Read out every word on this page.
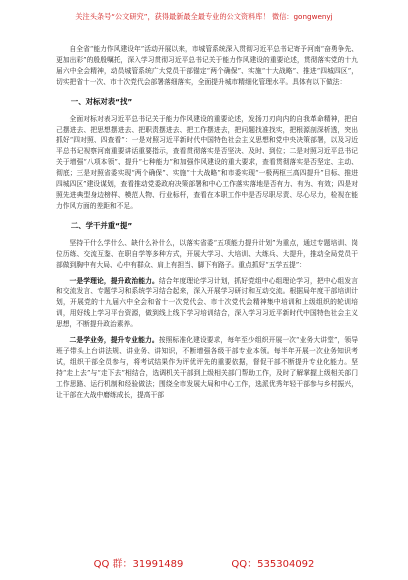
关注头条号“公文研究”，获得最新最全最专业的公文资料库！ 微信：gongwenyj

自全省“能力作风建设年”活动开展以来，市城管系统深入贯彻习近平总书记寄予河南“奋勇争先、更加出彩”的殷殷嘱托，深入学习贯彻习近平总书记关于能力作风建设的重要论述，贯彻落实党的十九届六中全会精神，动员城管系统广大党员干部锚定“两个确保”、实施“十大战略”、推进“四城四区”，切实把省十一次、市十次党代会部署落细落实，全面提升城市精细化管理水平。具体有以下做法：

一、对标对表“找”

全面对标对表习近平总书记关于能力作风建设的重要论述，发扬刀刃向内的自我革命精神，把自己摆进去、把思想摆进去、把职责摆进去、把工作摆进去，把问题找准找实，把根源剖深析透，突出抓好“四对照、四查看”：一是对照习近平新时代中国特色社会主义思想和党中央决策部署，以及习近平总书记视察河南重要讲话重要指示，查看贯彻落实是否坚决、及时、到位；二是对照习近平总书记关于增强“八项本领”、提升“七种能力”和加强作风建设的重大要求，查看贯彻落实是否坚定、主动、彻底；三是对照省委实现“两个确保”、实施“十大战略”和市委实现“一极两枢三高四提升”目标、推进四城四区”建设谋划，查看推动党委政府决策部署和中心工作落实落地是否有力、有为、有效；四是对照先进典型身边榜样、模范人物、行业标杆，查看在本职工作中是否尽职尽责、尽心尽力，检视在能力作风方面的差距和不足。

二、学干并重“提”

坚持干什么学什么、缺什么补什么，以落实省委“五项能力提升计划”为重点，通过专题培训、岗位历练、交流互鉴、在职自学等多种方式，开展大学习、大培训、大练兵、大提升，推动全局党员干部做到胸中有大局、心中有群众、肩上有担当、脚下有路子。重点抓好“五学五提”：

一是学理论，提升政治能力。结合年度理论学习计划，抓好党组中心组理论学习，把中心组发言和交流发言、专题学习和系统学习结合起来，深入开展学习研讨和互动交流。根据局年度干部培训计划，开展党的十九届六中全会和省十一次党代会、市十次党代会精神集中培训和上级组织的轮训培训，用好线上学习平台资源，做到线上线下学习培训结合，深入学习习近平新时代中国特色社会主义思想，不断提升政治素养。

二是学业务，提升专业能力。按照标准化建设要求，每年至少组织开展一次“业务大讲堂”，领导班子带头上台讲法规、讲业务、讲知识，不断增强各级干部专业本领。每半年开展一次业务知识考试，组织干部全员参与，将考试结果作为评优评先的重要依据，督促干部不断提升专业化能力。坚持“走上去”与“走下去”相结合，选调机关干部到上级相关部门帮助工作，及时了解掌握上级相关部门工作思路、运行机制和经验做法；围绕全市发展大局和中心工作，选派优秀年轻干部参与乡村振兴，让干部在大战中磨练成长，提高干部

QQ 群：31991489	QQ：535304092
